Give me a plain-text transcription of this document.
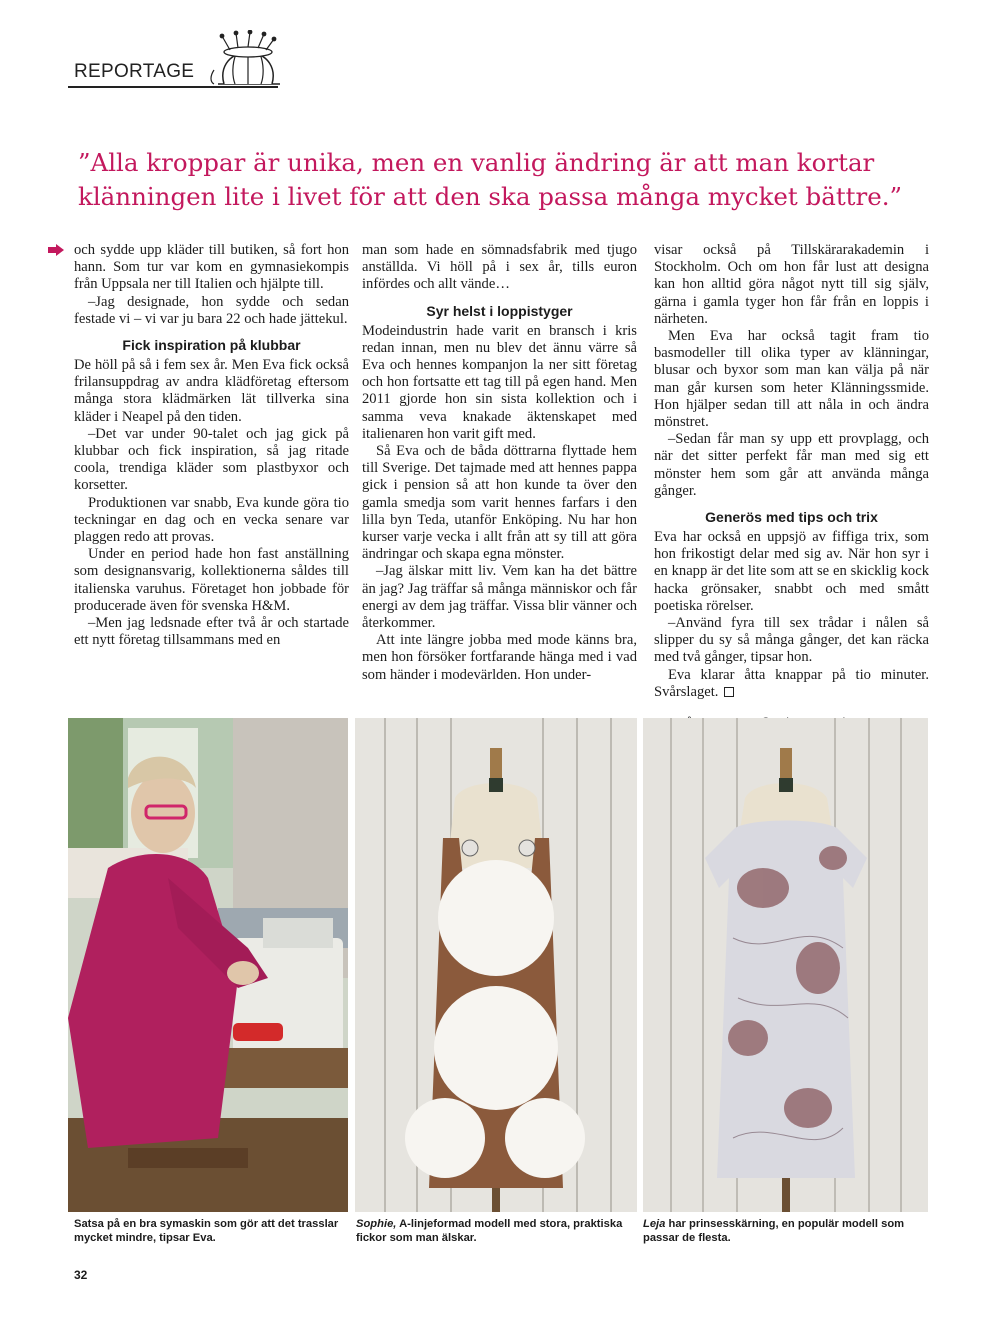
REPORTAGE
”Alla kroppar är unika, men en vanlig ändring är att man kortar klänningen lite i livet för att den ska passa många mycket bättre.”

och sydde upp kläder till butiken, så fort hon hann. Som tur var kom en gymnasiekompis från Uppsala ner till Italien och hjälpte till.

–Jag designade, hon sydde och sedan festade vi – vi var ju bara 22 och hade jättekul.

Fick inspiration på klubbar

De höll på så i fem sex år. Men Eva fick också frilansuppdrag av andra klädföretag eftersom många stora klädmärken lät tillverka sina kläder i Neapel på den tiden.

–Det var under 90-talet och jag gick på klubbar och fick inspiration, så jag ritade coola, trendiga kläder som plastbyxor och korsetter.

Produktionen var snabb, Eva kunde göra tio teckningar en dag och en vecka senare var plaggen redo att provas.

Under en period hade hon fast anställning som designansvarig, kollektionerna såldes till italienska varuhus. Företaget hon jobbade för producerade även för svenska H&M.

–Men jag ledsnade efter två år och startade ett nytt företag tillsammans med en

man som hade en sömnadsfabrik med tjugo anställda. Vi höll på i sex år, tills euron infördes och allt vände…

Syr helst i loppistyger

Modeindustrin hade varit en bransch i kris redan innan, men nu blev det ännu värre så Eva och hennes kompanjon la ner sitt företag och hon fortsatte ett tag till på egen hand. Men 2011 gjorde hon sin sista kollektion och i samma veva knakade äktenskapet med italienaren hon varit gift med.

Så Eva och de båda döttrarna flyttade hem till Sverige. Det tajmade med att hennes pappa gick i pension så att hon kunde ta över den gamla smedja som varit hennes farfars i den lilla byn Teda, utanför Enköping. Nu har hon kurser varje vecka i allt från att sy till att göra ändringar och skapa egna mönster.

–Jag älskar mitt liv. Vem kan ha det bättre än jag? Jag träffar så många människor och får energi av dem jag träffar. Vissa blir vänner och återkommer.

Att inte längre jobba med mode känns bra, men hon försöker fortfarande hänga med i vad som händer i modevärlden. Hon under-

visar också på Tillskärarakademin i Stockholm. Och om hon får lust att designa kan hon alltid göra något nytt till sig själv, gärna i gamla tyger hon får från en loppis i närheten.

Men Eva har också tagit fram tio basmodeller till olika typer av klänningar, blusar och byxor som man kan välja på när man går kursen som heter Klänningssmide. Hon hjälper sedan till att nåla in och ändra mönstret.

–Sedan får man sy upp ett provplagg, och när det sitter perfekt får man med sig ett mönster hem som går att använda många gånger.

Generös med tips och trix

Eva har också en uppsjö av fiffiga trix, som hon frikostigt delar med sig av. När hon syr i en knapp är det lite som att se en skicklig kock hacka grönsaker, snabbt och med smått poetiska rörelser.

–Använd fyra till sex trådar i nålen så slipper du sy så många gånger, det kan räcka med två gånger, tipsar hon.

Eva klarar åtta knappar på tio minuter. Svårslaget.

Satsa på en bra symaskin som gör att det trasslar mycket mindre, tipsar Eva.
Sophie, A-linjeformad modell med stora, praktiska fickor som man älskar.
Leja har prinsesskärning, en populär modell som passar de flesta.
32
